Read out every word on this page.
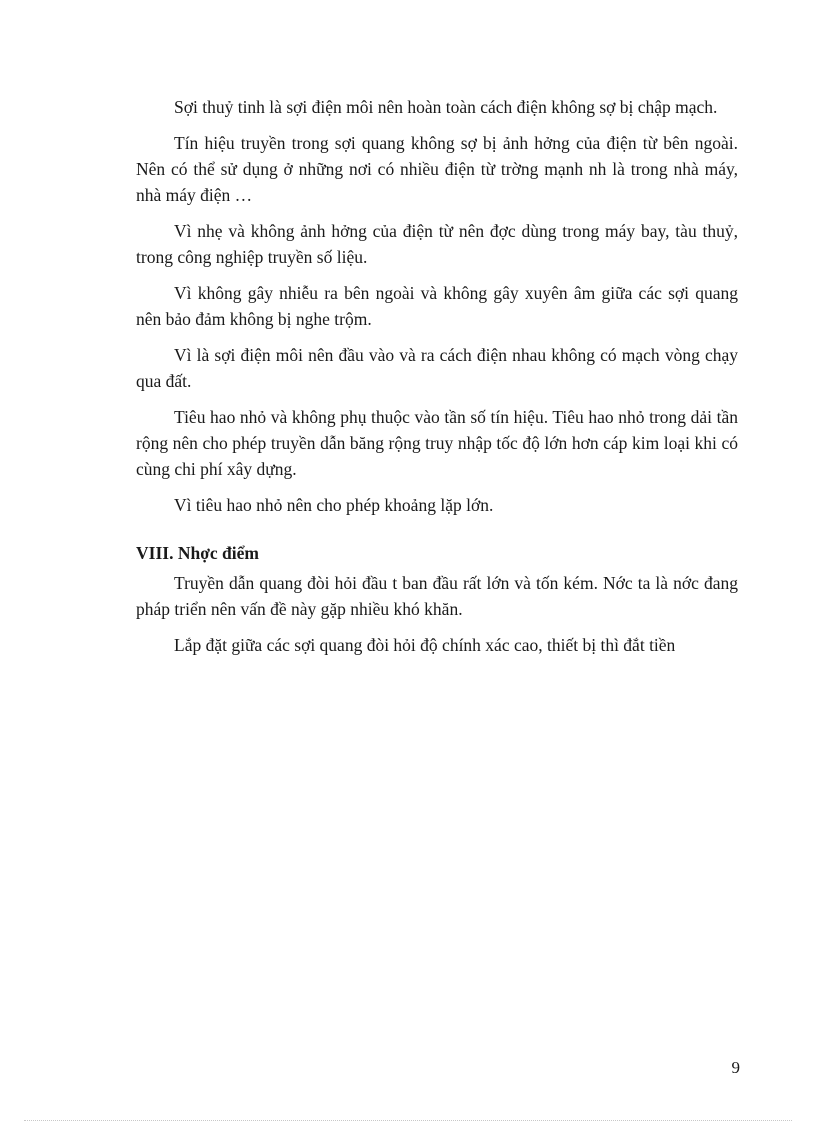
Sợi thuỷ tinh là sợi điện môi nên hoàn toàn cách điện không sợ bị chập mạch.

Tín hiệu truyền trong sợi quang không sợ bị ảnh hởng của điện từ bên ngoài. Nên có thể sử dụng ở những nơi có nhiều điện từ trờng mạnh nh là trong nhà máy, nhà máy điện …

Vì nhẹ và không ảnh hởng của điện từ nên đợc dùng trong máy bay, tàu thuỷ, trong công nghiệp truyền số liệu.

Vì không gây nhiễu ra bên ngoài và không gây xuyên âm giữa các sợi quang nên bảo đảm không bị nghe trộm.

Vì là sợi điện môi nên đầu vào và ra cách điện nhau không có mạch vòng chạy qua đất.

Tiêu hao nhỏ và không phụ thuộc vào tần số tín hiệu. Tiêu hao nhỏ trong dải tần rộng nên cho phép truyền dẫn băng rộng truy nhập tốc độ lớn hơn cáp kim loại khi có cùng chi phí xây dựng.

Vì tiêu hao nhỏ nên cho phép khoảng lặp lớn.

VIII. Nhợc điểm

Truyền dẫn quang đòi hỏi đầu t ban đầu rất lớn và tốn kém. Nớc ta là nớc đang pháp triển nên vấn đề này gặp nhiều khó khăn.

Lắp đặt giữa các sợi quang đòi hỏi độ chính xác cao, thiết bị thì đắt tiền

9
